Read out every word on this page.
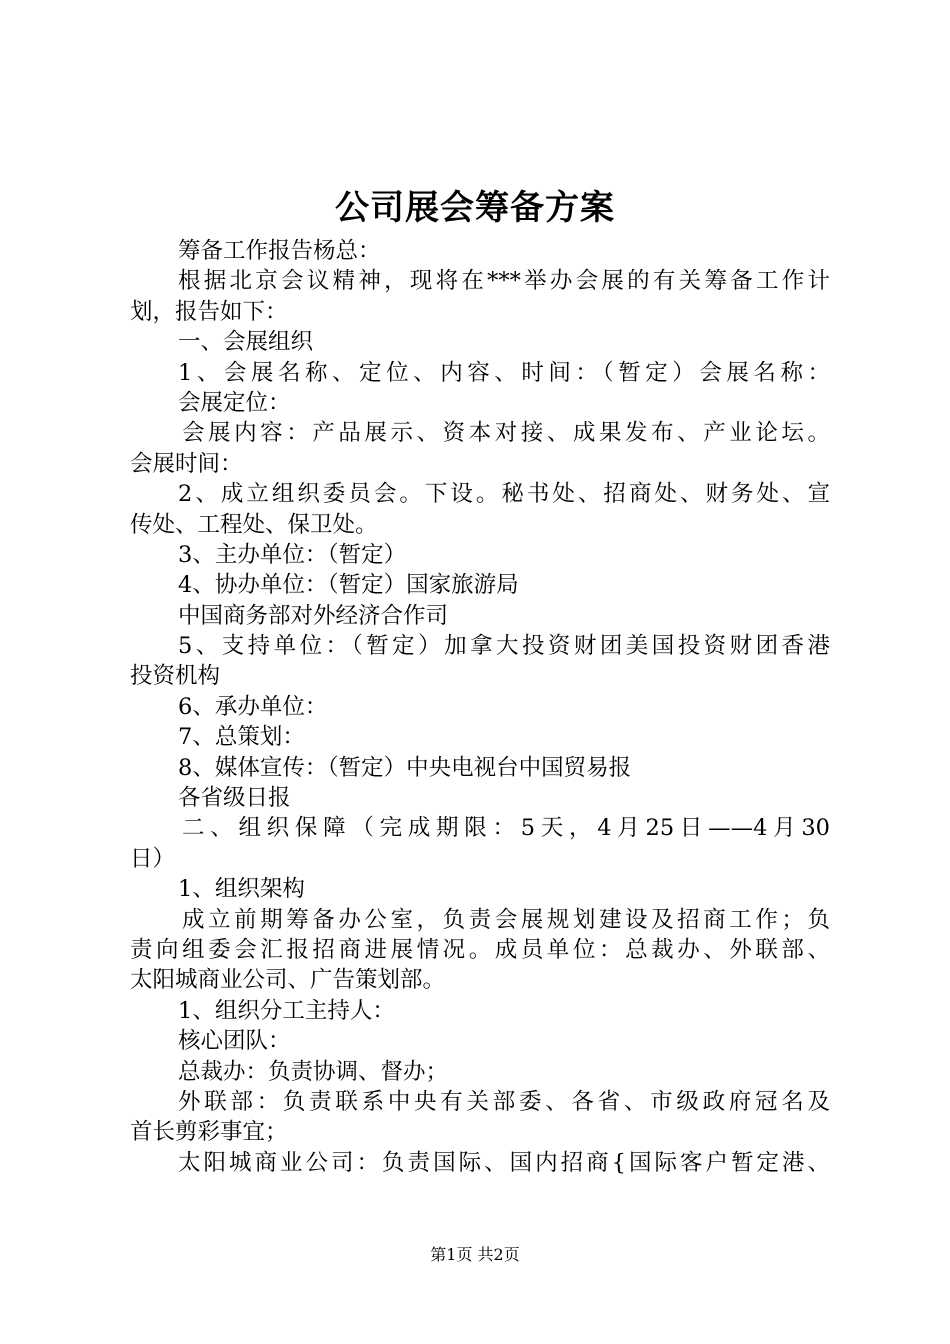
公司展会筹备方案
筹备工作报告杨总：
根据北京会议精神，现将在***举办会展的有关筹备工作计
划，报告如下：
一、会展组织
1、会展名称、定位、内容、时间：（暂定）会展名称：
会展定位：
会展内容：产品展示、资本对接、成果发布、产业论坛。
会展时间：
2、成立组织委员会。下设。秘书处、招商处、财务处、宣
传处、工程处、保卫处。
3、主办单位：（暂定）
4、协办单位：（暂定）国家旅游局
中国商务部对外经济合作司
5、支持单位：（暂定）加拿大投资财团美国投资财团香港
投资机构
6、承办单位：
7、总策划：
8、媒体宣传：（暂定）中央电视台中国贸易报
各省级日报
二、组织保障（完成期限：5天，4月25日——4月30
日）
1、组织架构
成立前期筹备办公室，负责会展规划建设及招商工作；负
责向组委会汇报招商进展情况。成员单位：总裁办、外联部、
太阳城商业公司、广告策划部。
1、组织分工主持人：
核心团队：
总裁办：负责协调、督办；
外联部：负责联系中央有关部委、各省、市级政府冠名及
首长剪彩事宜；
太阳城商业公司：负责国际、国内招商{国际客户暂定港、
第1页 共2页
